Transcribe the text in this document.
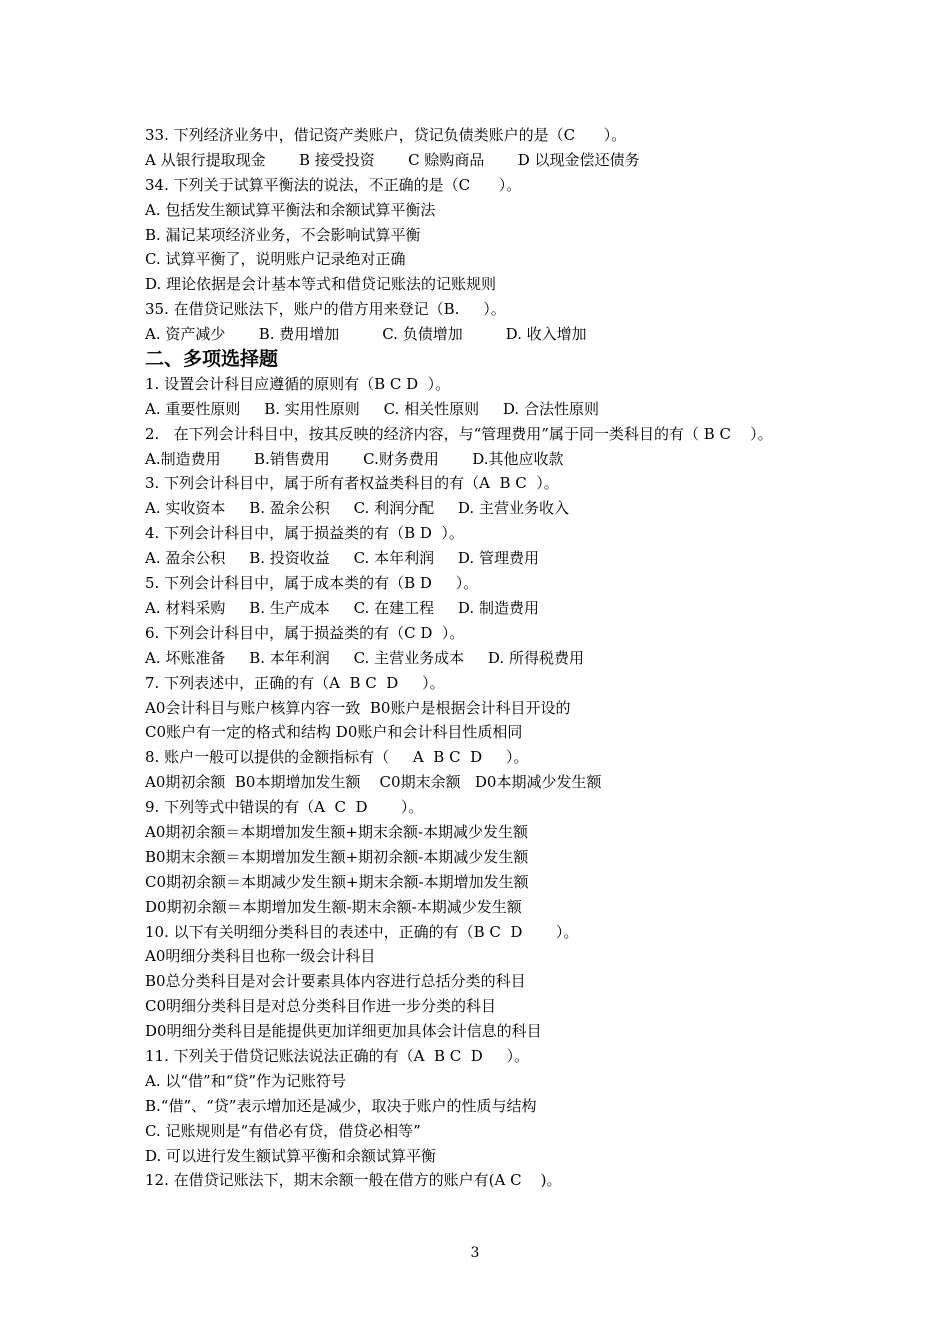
33. 下列经济业务中，借记资产类账户，贷记负债类账户的是（C      ）。
A 从银行提取现金       B 接受投资       C 赊购商品       D 以现金偿还债务
34. 下列关于试算平衡法的说法，不正确的是（C      ）。
A. 包括发生额试算平衡法和余额试算平衡法
B. 漏记某项经济业务，不会影响试算平衡
C. 试算平衡了，说明账户记录绝对正确
D. 理论依据是会计基本等式和借贷记账法的记账规则
35. 在借贷记账法下，账户的借方用来登记（B.     ）。
A. 资产减少       B. 费用增加         C. 负债增加         D. 收入增加
二、多项选择题
1. 设置会计科目应遵循的原则有（B C D  ）。
A. 重要性原则     B. 实用性原则     C. 相关性原则     D. 合法性原则
2.   在下列会计科目中，按其反映的经济内容，与“管理费用”属于同一类科目的有（ B C    ）。
A.制造费用       B.销售费用       C.财务费用       D.其他应收款
3. 下列会计科目中，属于所有者权益类科目的有（A  B C  ）。
A. 实收资本     B. 盈余公积     C. 利润分配     D. 主营业务收入
4. 下列会计科目中，属于损益类的有（B D  ）。
A. 盈余公积     B. 投资收益     C. 本年利润     D. 管理费用
5. 下列会计科目中，属于成本类的有（B D     ）。
A. 材料采购     B. 生产成本     C. 在建工程     D. 制造费用
6. 下列会计科目中，属于损益类的有（C D  ）。
A. 坏账准备     B. 本年利润     C. 主营业务成本     D. 所得税费用
7. 下列表述中，正确的有（A  B C  D     ）。
A0会计科目与账户核算内容一致  B0账户是根据会计科目开设的
C0账户有一定的格式和结构 D0账户和会计科目性质相同
8. 账户一般可以提供的金额指标有（     A  B C  D     ）。
A0期初余额  B0本期增加发生额    C0期末余额   D0本期减少发生额
9. 下列等式中错误的有（A  C  D       ）。
A0期初余额＝本期增加发生额+期末余额-本期减少发生额
B0期末余额＝本期增加发生额+期初余额-本期减少发生额
C0期初余额＝本期减少发生额+期末余额-本期增加发生额
D0期初余额＝本期增加发生额-期末余额-本期减少发生额
10. 以下有关明细分类科目的表述中，正确的有（B C  D       ）。
A0明细分类科目也称一级会计科目
B0总分类科目是对会计要素具体内容进行总括分类的科目
C0明细分类科目是对总分类科目作进一步分类的科目
D0明细分类科目是能提供更加详细更加具体会计信息的科目
11. 下列关于借贷记账法说法正确的有（A  B C  D     ）。
A. 以“借”和“贷”作为记账符号
B.“借”、“贷”表示增加还是减少，取决于账户的性质与结构
C. 记账规则是“有借必有贷，借贷必相等”
D. 可以进行发生额试算平衡和余额试算平衡
12. 在借贷记账法下，期末余额一般在借方的账户有(A C    )。
3
